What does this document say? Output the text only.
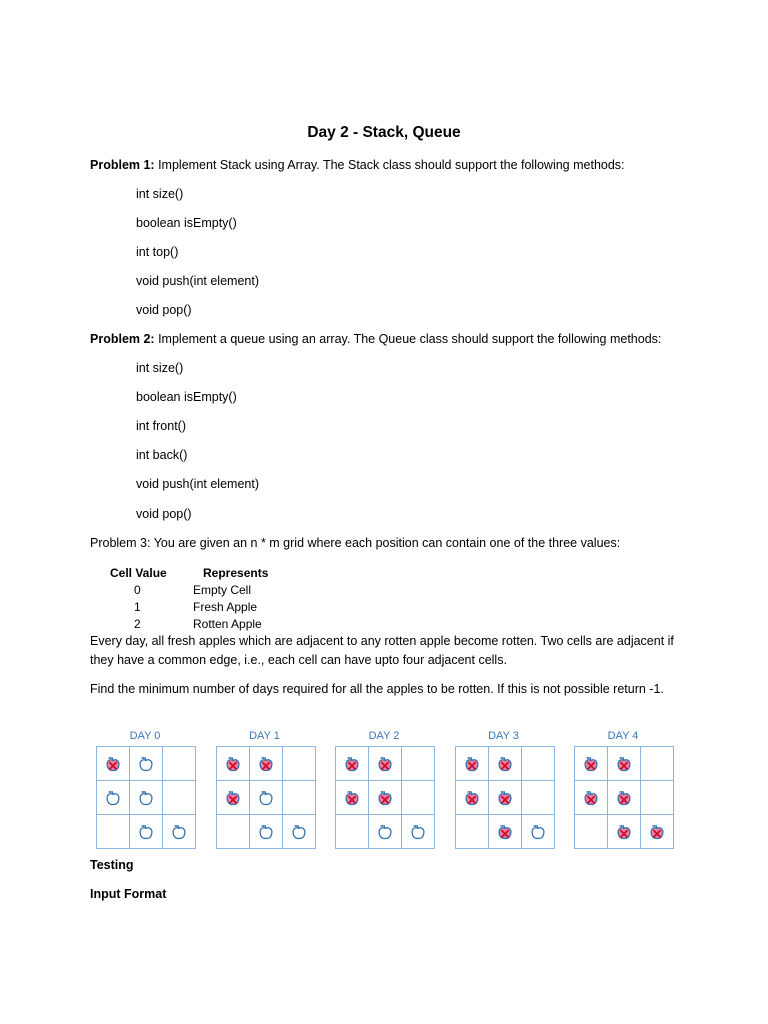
Day 2 - Stack, Queue
Problem 1: Implement Stack using Array. The Stack class should support the following methods:
int size()
boolean isEmpty()
int top()
void push(int element)
void pop()
Problem 2: Implement a queue using an array. The Queue class should support the following methods:
int size()
boolean isEmpty()
int front()
int back()
void push(int element)
void pop()
Problem 3: You are given an n * m grid where each position can contain one of the three values:
Cell Value	Represents
0	Empty Cell
1	Fresh Apple
2	Rotten Apple
Every day, all fresh apples which are adjacent to any rotten apple become rotten. Two cells are adjacent if they have a common edge, i.e., each cell can have upto four adjacent cells.
Find the minimum number of days required for all the apples to be rotten. If this is not possible return -1.
DAY 0	DAY 1	DAY 2	DAY 3	DAY 4
Testing
Input Format
